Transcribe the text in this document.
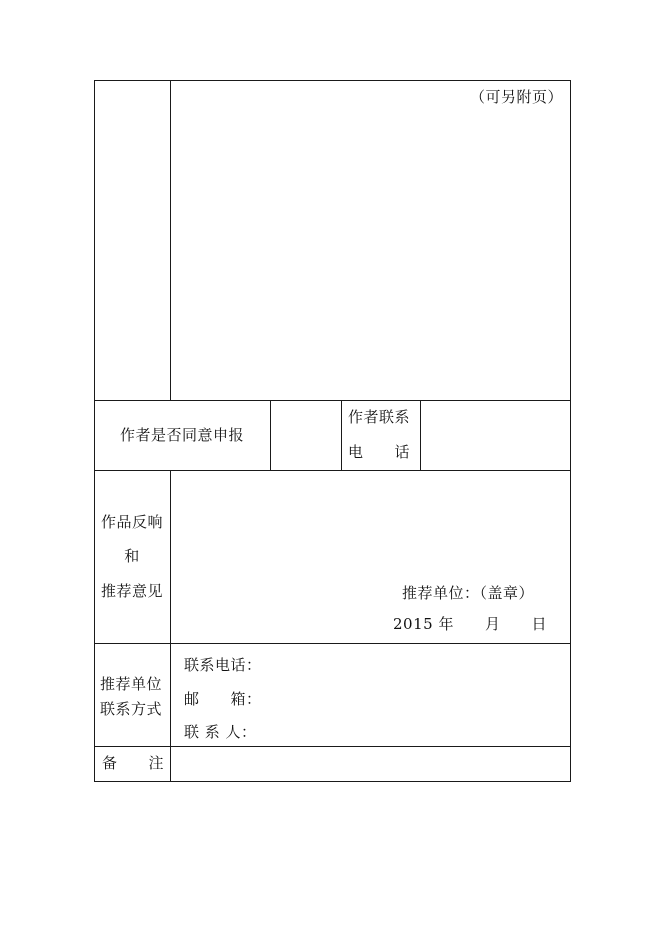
（可另附页）
作者是否同意申报
作者联系
电　　话
作品反响
和
推荐意见	推荐单位：（盖章）
2015 年　　月　　日
推荐单位
联系方式
联系电话：
邮　　箱：
联 系 人：
备　　注
